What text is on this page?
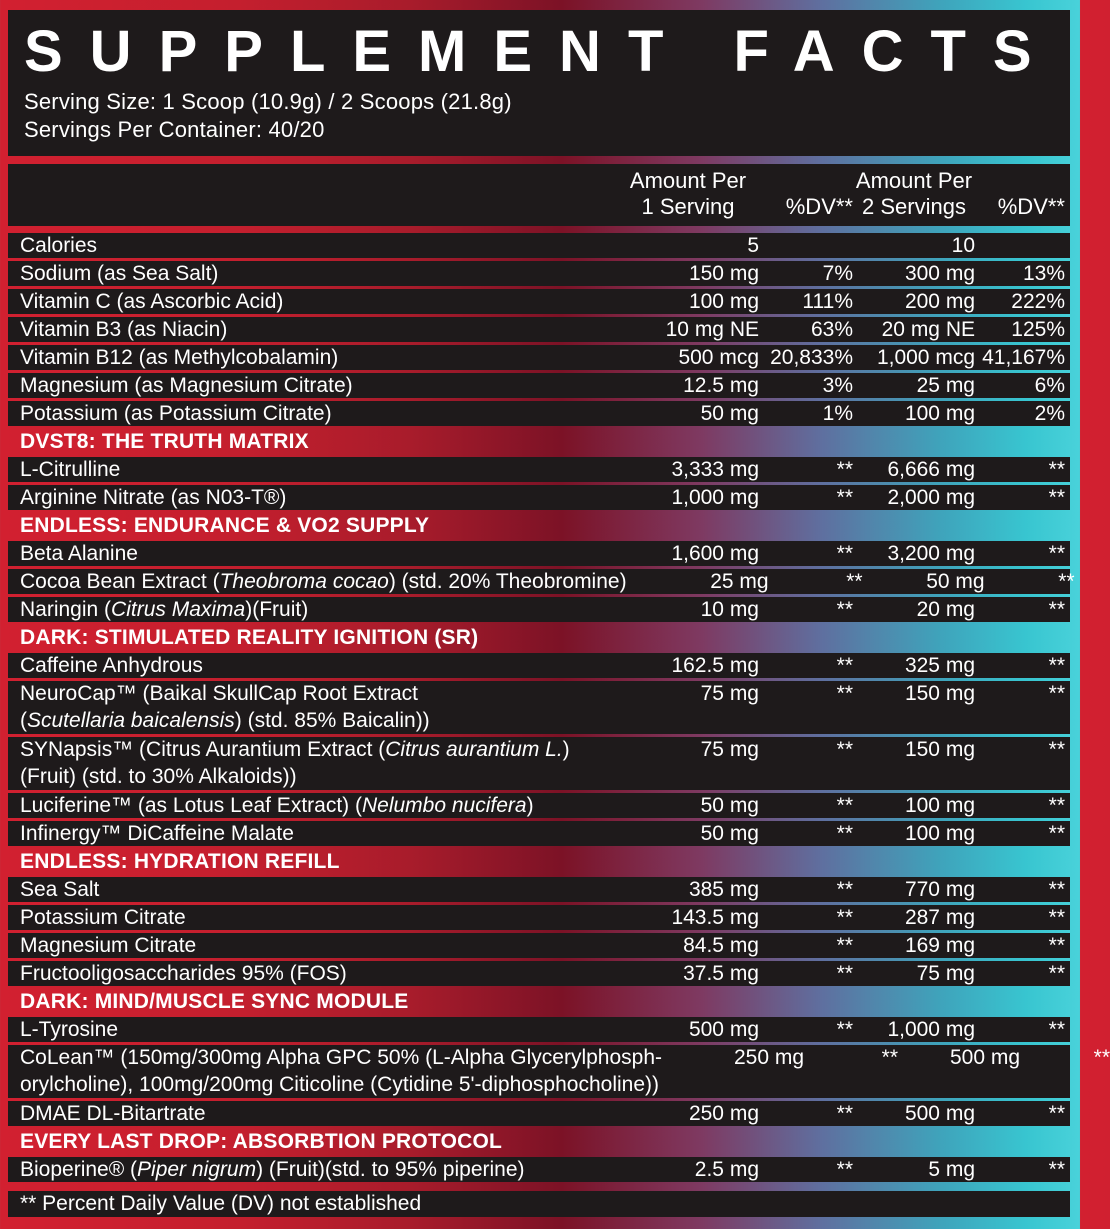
SUPPLEMENT FACTS
Serving Size: 1 Scoop (10.9g) / 2 Scoops (21.8g)
Servings Per Container: 40/20
Amount Per
1 Serving	%DV**
Amount Per
2 Servings	%DV**
Calories	5	10
Sodium (as Sea Salt)	150 mg	7%	300 mg	13%
Vitamin C (as Ascorbic Acid)	100 mg	111%	200 mg	222%
Vitamin B3 (as Niacin)	10 mg NE	63%	20 mg NE	125%
Vitamin B12 (as Methylcobalamin)	500 mcg 20,833%	1,000 mcg 41,167%
Magnesium (as Magnesium Citrate)	12.5 mg	3%	25 mg	6%
Potassium (as Potassium Citrate)	50 mg	1%	100 mg	2%
DVST8: THE TRUTH MATRIX
L-Citrulline	3,333 mg	**	6,666 mg	**
Arginine Nitrate (as N03-T®)	1,000 mg	**	2,000 mg	**
ENDLESS: ENDURANCE & VO2 SUPPLY
Beta Alanine	1,600 mg	**	3,200 mg	**
Cocoa Bean Extract (Theobroma cocao) (std. 20% Theobromine)	25 mg	**	50 mg	**
Naringin (Citrus Maxima)(Fruit)	10 mg	**	20 mg	**
DARK: STIMULATED REALITY IGNITION (SR)
Caffeine Anhydrous	162.5 mg	**	325 mg	**
NeuroCap™ (Baikal SkullCap Root Extract
(Scutellaria baicalensis) (std. 85% Baicalin))
75 mg	**	150 mg	**
SYNapsis™ (Citrus Aurantium Extract (Citrus aurantium L.)
(Fruit) (std. to 30% Alkaloids))
75 mg	**	150 mg	**
Luciferine™ (as Lotus Leaf Extract) (Nelumbo nucifera)	50 mg	**	100 mg	**
Infinergy™ DiCaffeine Malate	50 mg	**	100 mg	**
ENDLESS: HYDRATION REFILL
Sea Salt	385 mg	**	770 mg	**
Potassium Citrate	143.5 mg	**	287 mg	**
Magnesium Citrate	84.5 mg	**	169 mg	**
Fructooligosaccharides 95% (FOS)	37.5 mg	**	75 mg	**
DARK: MIND/MUSCLE SYNC MODULE
L-Tyrosine	500 mg	**	1,000 mg	**
CoLean™ (150mg/300mg Alpha GPC 50% (L-Alpha Glycerylphosph-
orylcholine), 100mg/200mg Citicoline (Cytidine 5'-diphosphocholine))
250 mg	**	500 mg	**
DMAE DL-Bitartrate	250 mg	**	500 mg	**
EVERY LAST DROP: ABSORBTION PROTOCOL
Bioperine® (Piper nigrum) (Fruit)(std. to 95% piperine)	2.5 mg	**	5 mg	**
** Percent Daily Value (DV) not established
